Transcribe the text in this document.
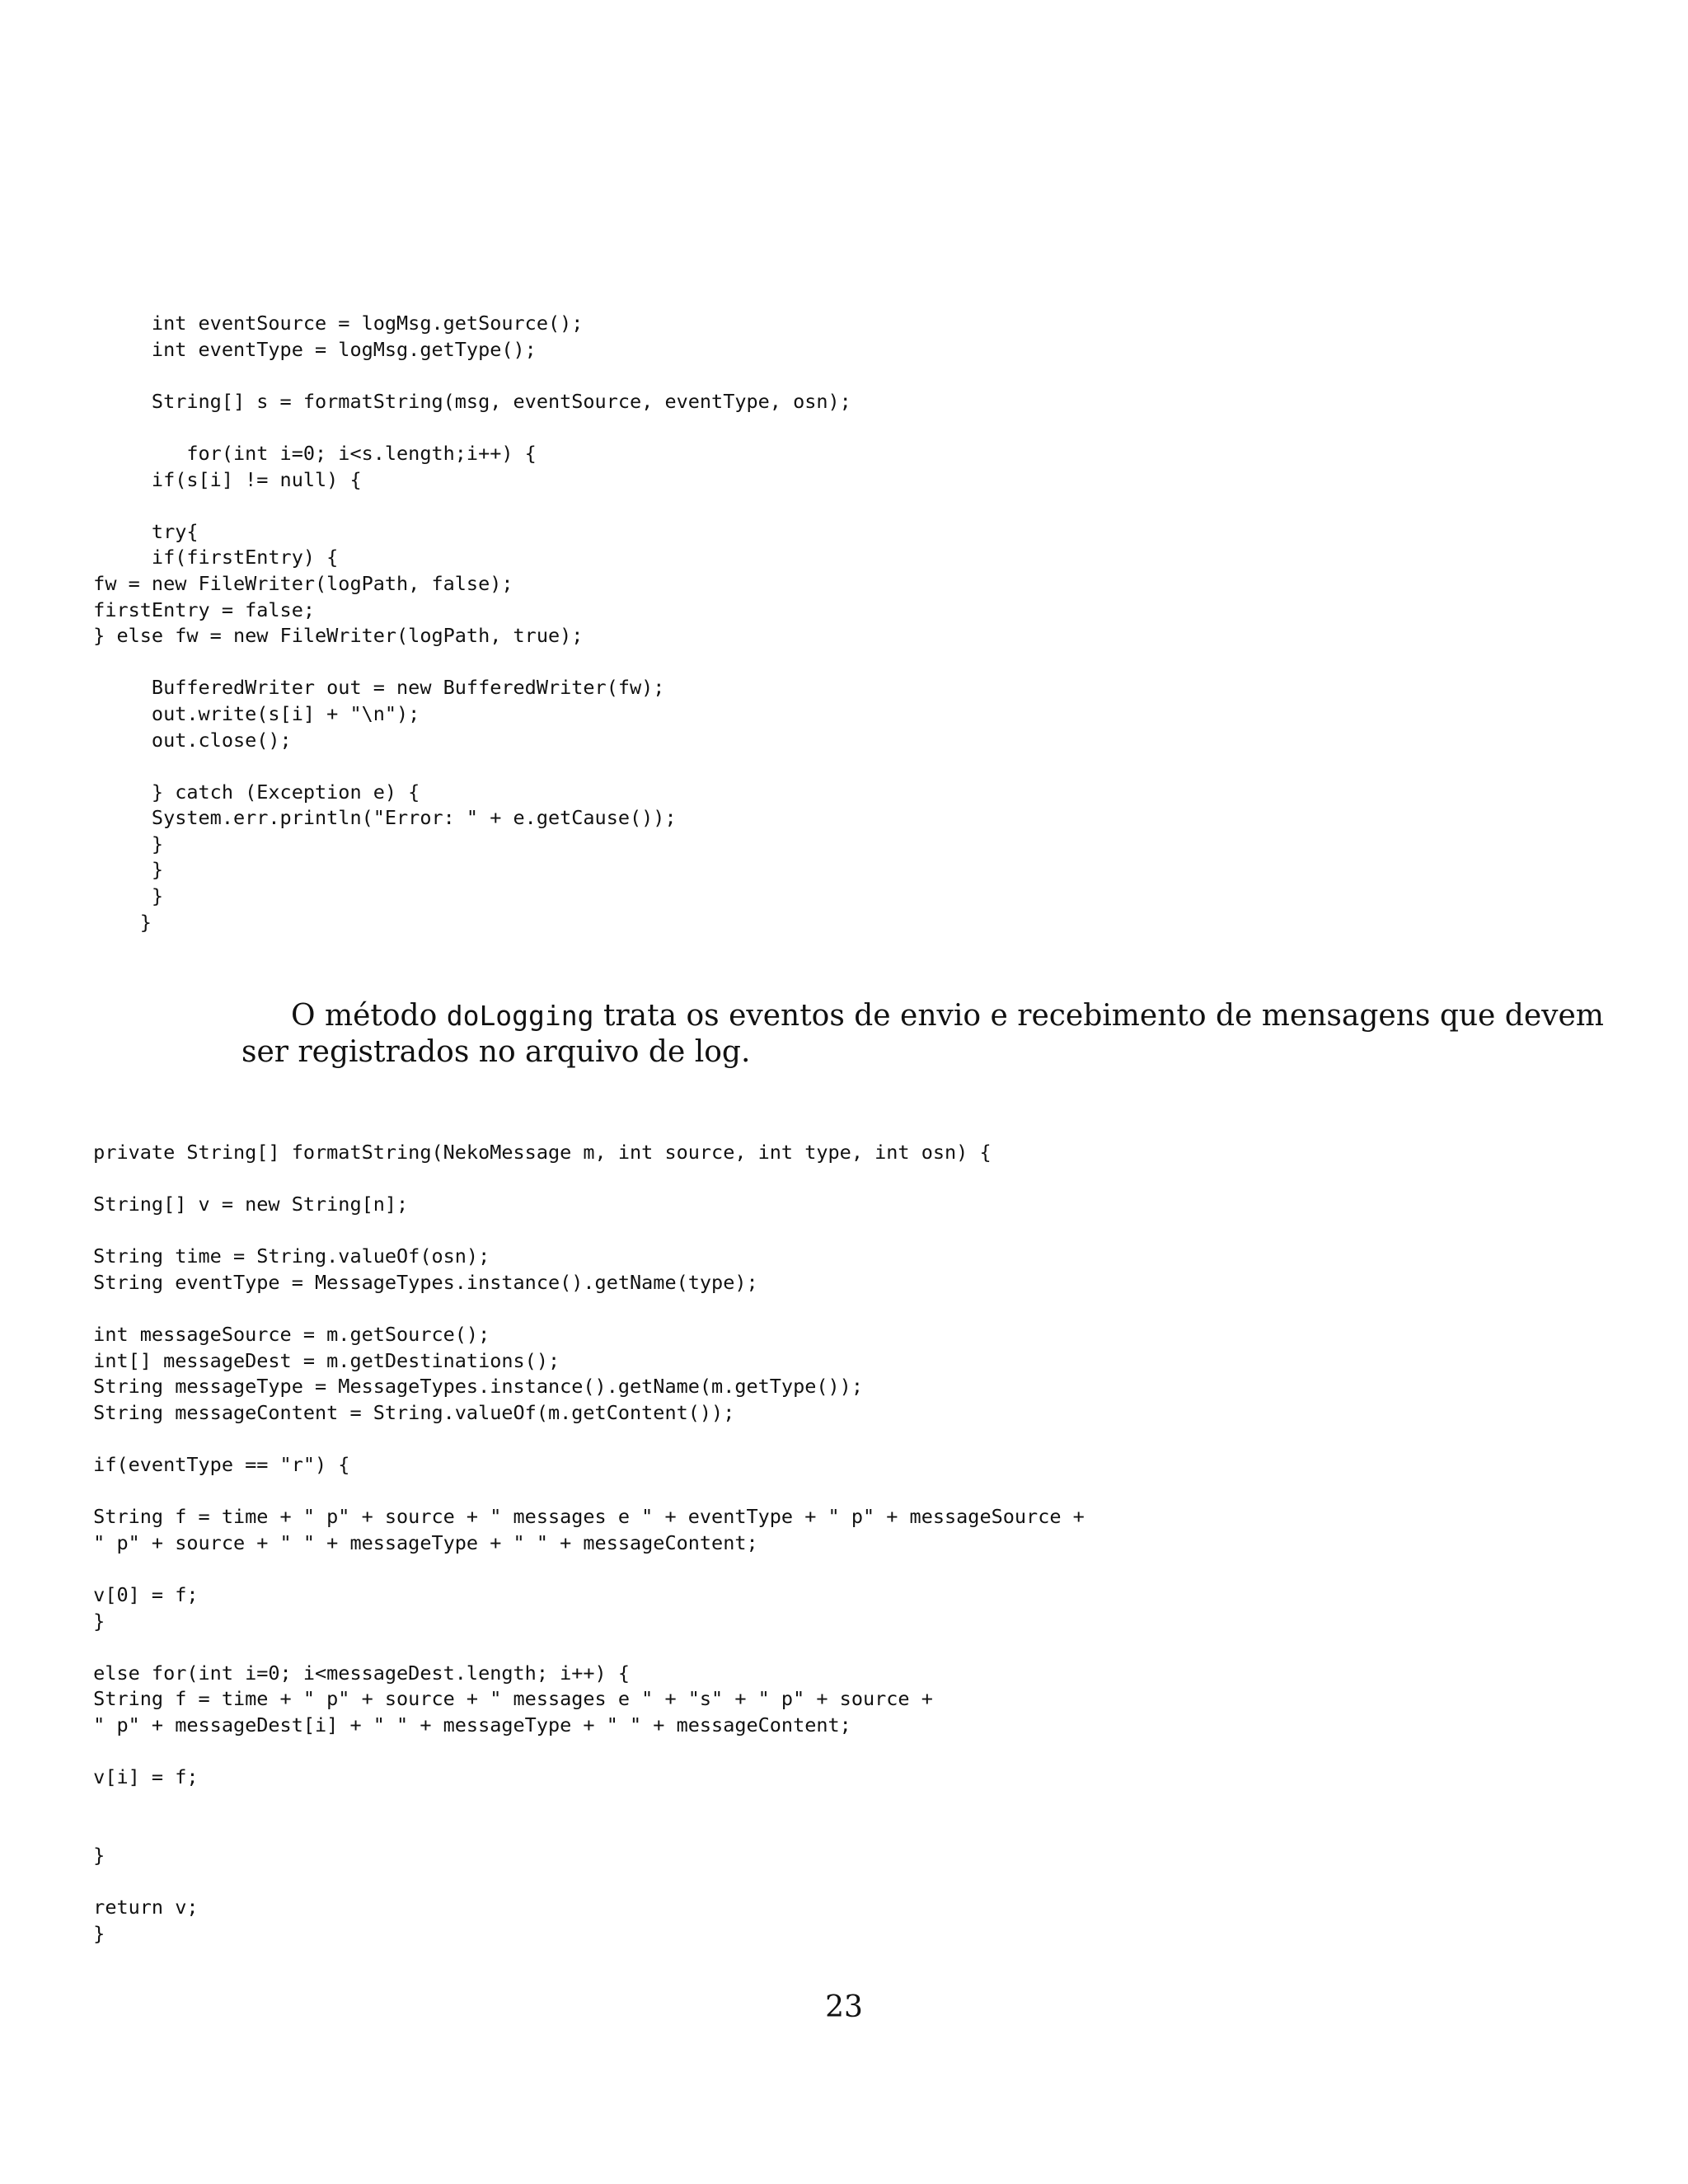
int eventSource = logMsg.getSource();
int eventType = logMsg.getType();
String[] s = formatString(msg, eventSource, eventType, osn);
for(int i=0; i<s.length;i++) {
if(s[i] != null) {
try{
if(firstEntry) {
fw = new FileWriter(logPath, false);
firstEntry = false;
} else fw = new FileWriter(logPath, true);
BufferedWriter out = new BufferedWriter(fw);
out.write(s[i] + "\n");
out.close();
} catch (Exception e) {
System.err.println("Error: " + e.getCause());
}
}
}
}

O método doLogging trata os eventos de envio e recebimento de mensagens que devem
ser registrados no arquivo de log.

private String[] formatString(NekoMessage m, int source, int type, int osn) {
String[] v = new String[n];
String time = String.valueOf(osn);
String eventType = MessageTypes.instance().getName(type);
int messageSource = m.getSource();
int[] messageDest = m.getDestinations();
String messageType = MessageTypes.instance().getName(m.getType());
String messageContent = String.valueOf(m.getContent());
if(eventType == "r") {
String f = time + " p" + source + " messages e " + eventType + " p" + messageSource +
" p" + source + " " + messageType + " " + messageContent;
v[0] = f;
}
else for(int i=0; i<messageDest.length; i++) {
String f = time + " p" + source + " messages e " + "s" + " p" + source +
" p" + messageDest[i] + " " + messageType + " " + messageContent;
v[i] = f;
}
return v;
}
23
